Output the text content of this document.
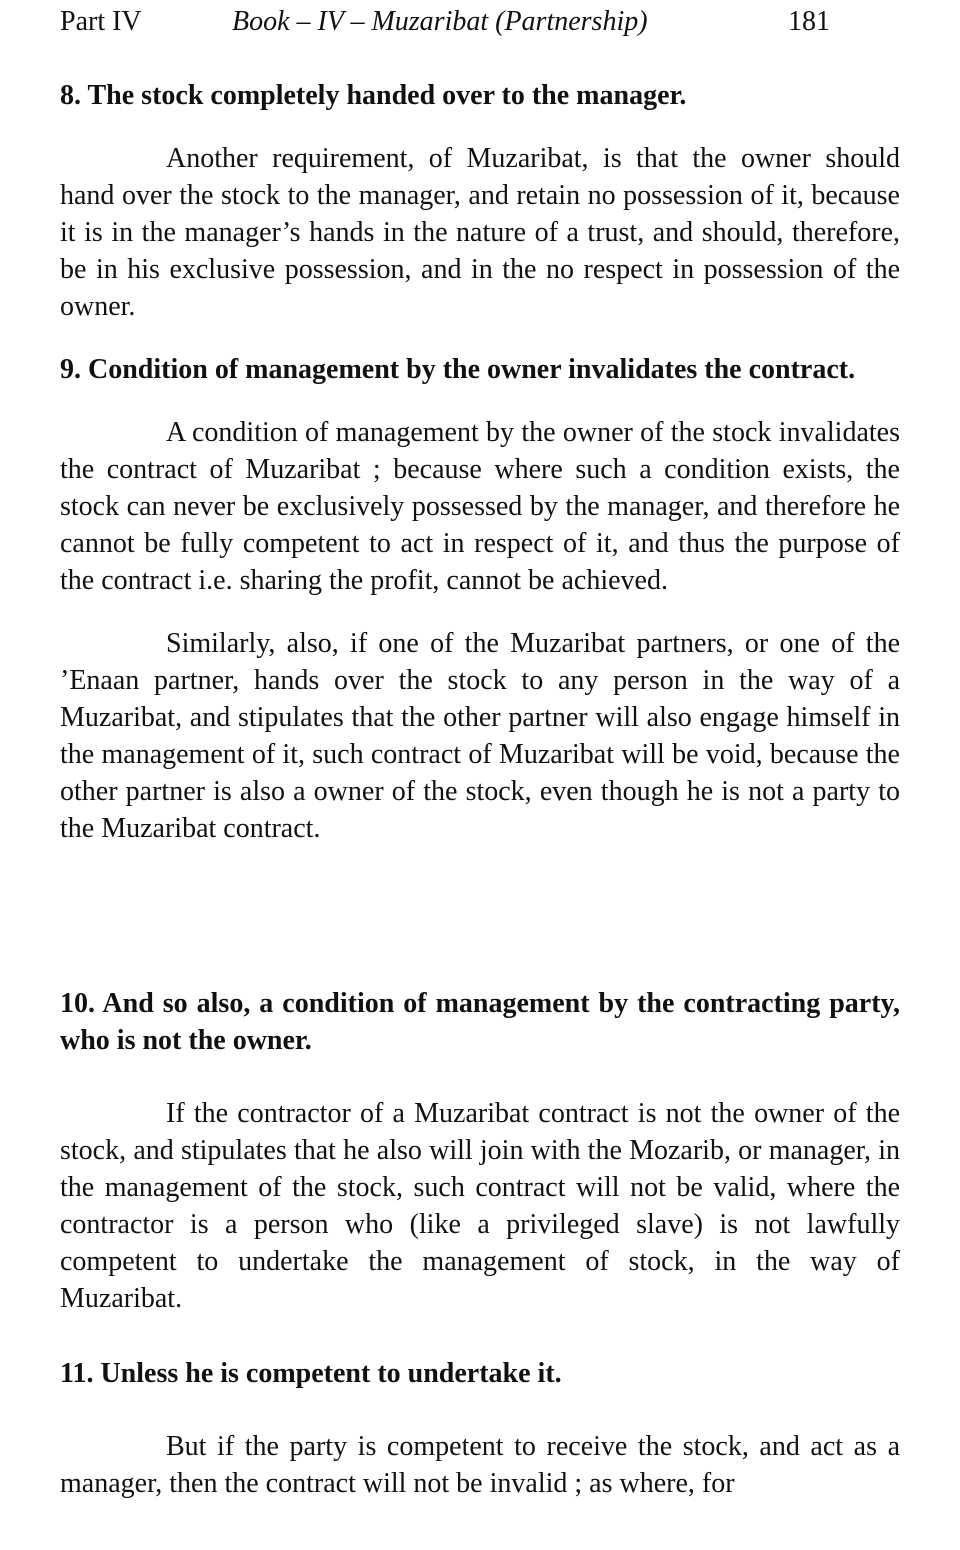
Part IV	Book – IV – Muzaribat (Partnership)	181
8. The stock completely handed over to the manager.

Another requirement, of Muzaribat, is that the owner should hand over the stock to the manager, and retain no possession of it, because it is in the manager’s hands in the nature of a trust, and should, therefore, be in his exclusive possession, and in the no respect in possession of the owner.

9. Condition of management by the owner invalidates the contract.

A condition of management by the owner of the stock invalidates the contract of Muzaribat ; because where such a condition exists, the stock can never be exclusively possessed by the manager, and therefore he cannot be fully competent to act in respect of it, and thus the purpose of the contract i.e. sharing the profit, cannot be achieved.

Similarly, also, if one of the Muzaribat partners, or one of the ’Enaan partner, hands over the stock to any person in the way of a Muzaribat, and stipulates that the other partner will also engage himself in the management of it, such contract of Muzaribat will be void, because the other partner is also a owner of the stock, even though he is not a party to the Muzaribat contract.

10. And so also, a condition of management by the contracting party, who is not the owner.

If the contractor of a Muzaribat contract is not the owner of the stock, and stipulates that he also will join with the Mozarib, or manager, in the management of the stock, such contract will not be valid, where the contractor is a person who (like a privileged slave) is not lawfully competent to undertake the management of stock, in the way of Muzaribat.

11. Unless he is competent to undertake it.

But if the party is competent to receive the stock, and act as a manager, then the contract will not be invalid ; as where, for
